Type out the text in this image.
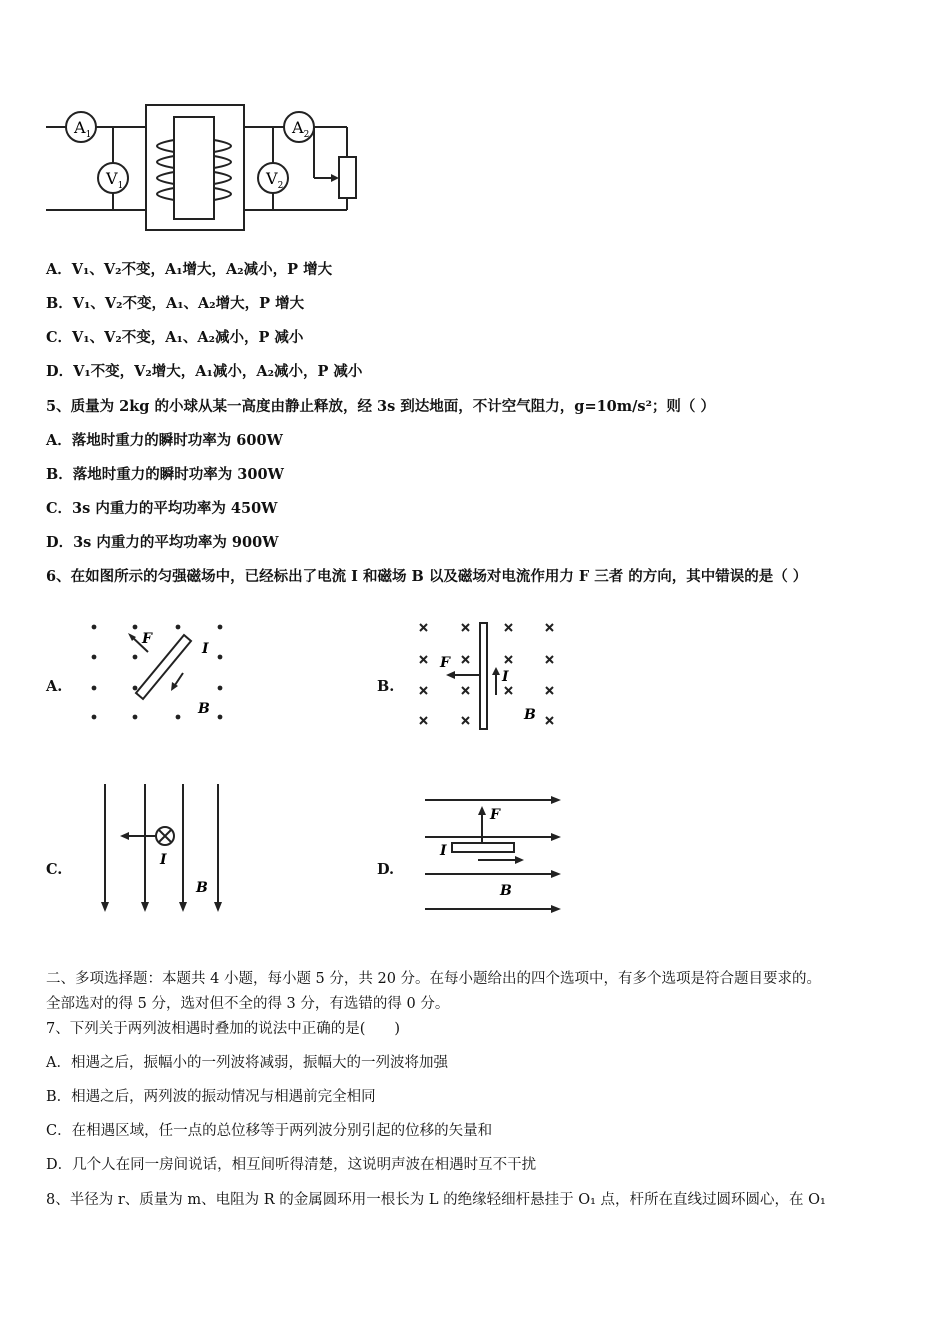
$A_1$
$V_1$
$A_2$
$V_2$
A．V₁、V₂不变，A₁增大，A₂减小，P 增大
B．V₁、V₂不变，A₁、A₂增大，P 增大
C．V₁、V₂不变，A₁、A₂减小，P 减小
D．V₁不变，V₂增大，A₁减小，A₂减小，P 减小
5、质量为 2kg 的小球从某一高度由静止释放，经 3s 到达地面，不计空气阻力，g=10m/s²；则（ ）
A．落地时重力的瞬时功率为 600W
B．落地时重力的瞬时功率为 300W
C．3s 内重力的平均功率为 450W
D．3s 内重力的平均功率为 900W
6、在如图所示的匀强磁场中，已经标出了电流 I 和磁场 B 以及磁场对电流作用力 F 三者 的方向，其中错误的是（ ）
A.	B.
C.	D.
F
I
B
F
I
B
I
B
F
I
B
二、多项选择题：本题共 4 小题，每小题 5 分，共 20 分。在每小题给出的四个选项中，有多个选项是符合题目要求的。
全部选对的得 5 分，选对但不全的得 3 分，有选错的得 0 分。
7、下列关于两列波相遇时叠加的说法中正确的是(　　)
A．相遇之后，振幅小的一列波将减弱，振幅大的一列波将加强
B．相遇之后，两列波的振动情况与相遇前完全相同
C．在相遇区域，任一点的总位移等于两列波分别引起的位移的矢量和
D．几个人在同一房间说话，相互间听得清楚，这说明声波在相遇时互不干扰
8、半径为 r、质量为 m、电阻为 R 的金属圆环用一根长为 L 的绝缘轻细杆悬挂于 O₁ 点，杆所在直线过圆环圆心，在 O₁
